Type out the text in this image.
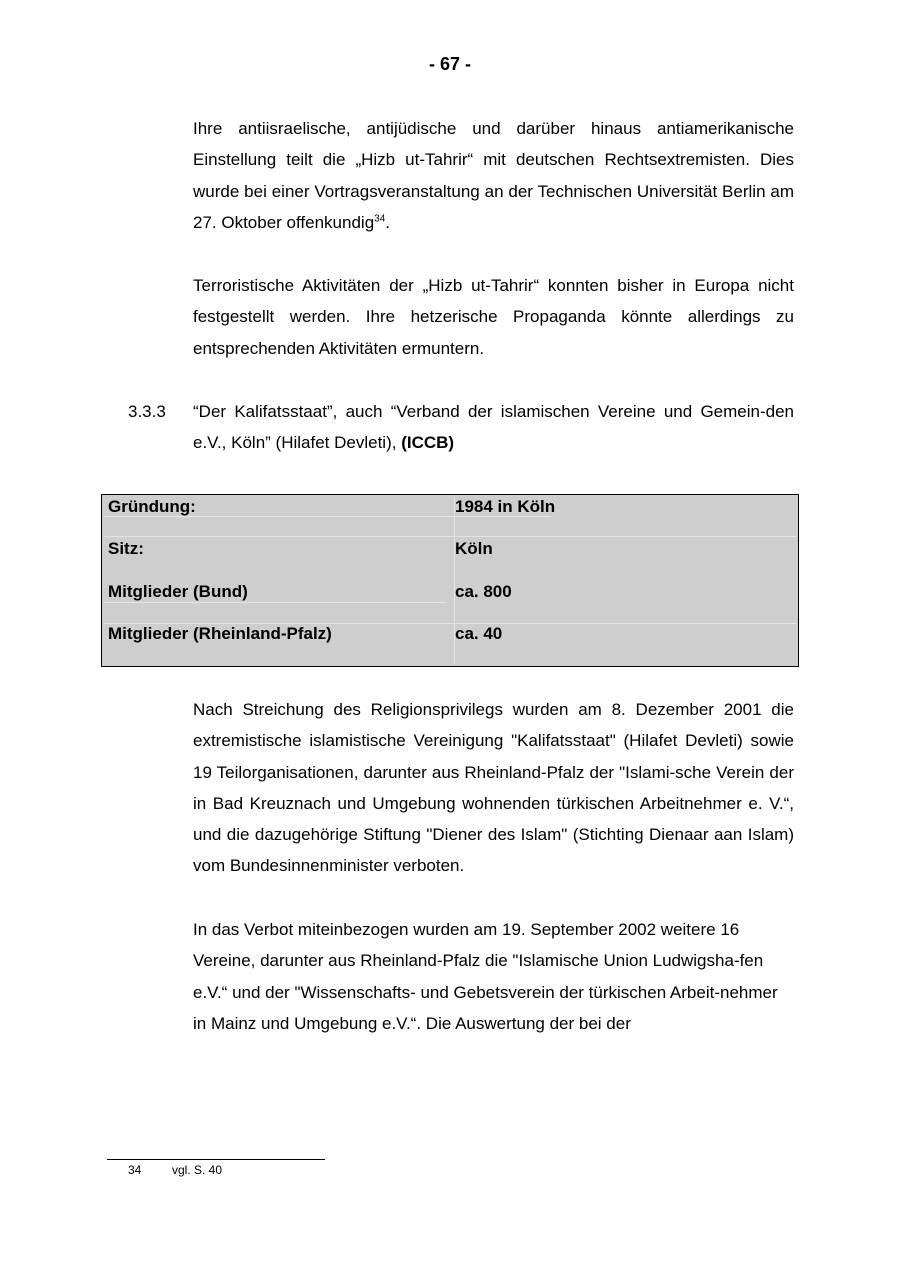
- 67 -

Ihre antiisraelische, antijüdische und darüber hinaus antiamerikanische Einstellung teilt die „Hizb ut-Tahrir“ mit deutschen Rechtsextremisten. Dies wurde bei einer Vortragsveranstaltung an der Technischen Universität Berlin am 27. Oktober offenkundig$^{34}$.

Terroristische Aktivitäten der „Hizb ut-Tahrir“ konnten bisher in Europa nicht festgestellt werden. Ihre hetzerische Propaganda könnte allerdings zu entsprechenden Aktivitäten ermuntern.

3.3.3 “Der Kalifatsstaat”, auch “Verband der islamischen Vereine und Gemein-den e.V., Köln” (Hilafet Devleti), (ICCB)
Gründung:	1984 in Köln
Sitz:	Köln
Mitglieder (Bund)	ca. 800
Mitglieder (Rheinland-Pfalz)	ca. 40

Nach Streichung des Religionsprivilegs wurden am 8. Dezember 2001 die extremistische islamistische Vereinigung "Kalifatsstaat" (Hilafet Devleti) sowie 19 Teilorganisationen, darunter aus Rheinland-Pfalz der "Islami-sche Verein der in Bad Kreuznach und Umgebung wohnenden türkischen Arbeitnehmer e. V.“, und die dazugehörige Stiftung "Diener des Islam" (Stichting Dienaar aan Islam) vom Bundesinnenminister verboten.

In das Verbot miteinbezogen wurden am 19. September 2002 weitere 16 Vereine, darunter aus Rheinland-Pfalz die "Islamische Union Ludwigsha-fen e.V.“ und der "Wissenschafts- und Gebetsverein der türkischen Arbeit-nehmer in Mainz und Umgebung e.V.“. Die Auswertung der bei der

34	vgl. S. 40
